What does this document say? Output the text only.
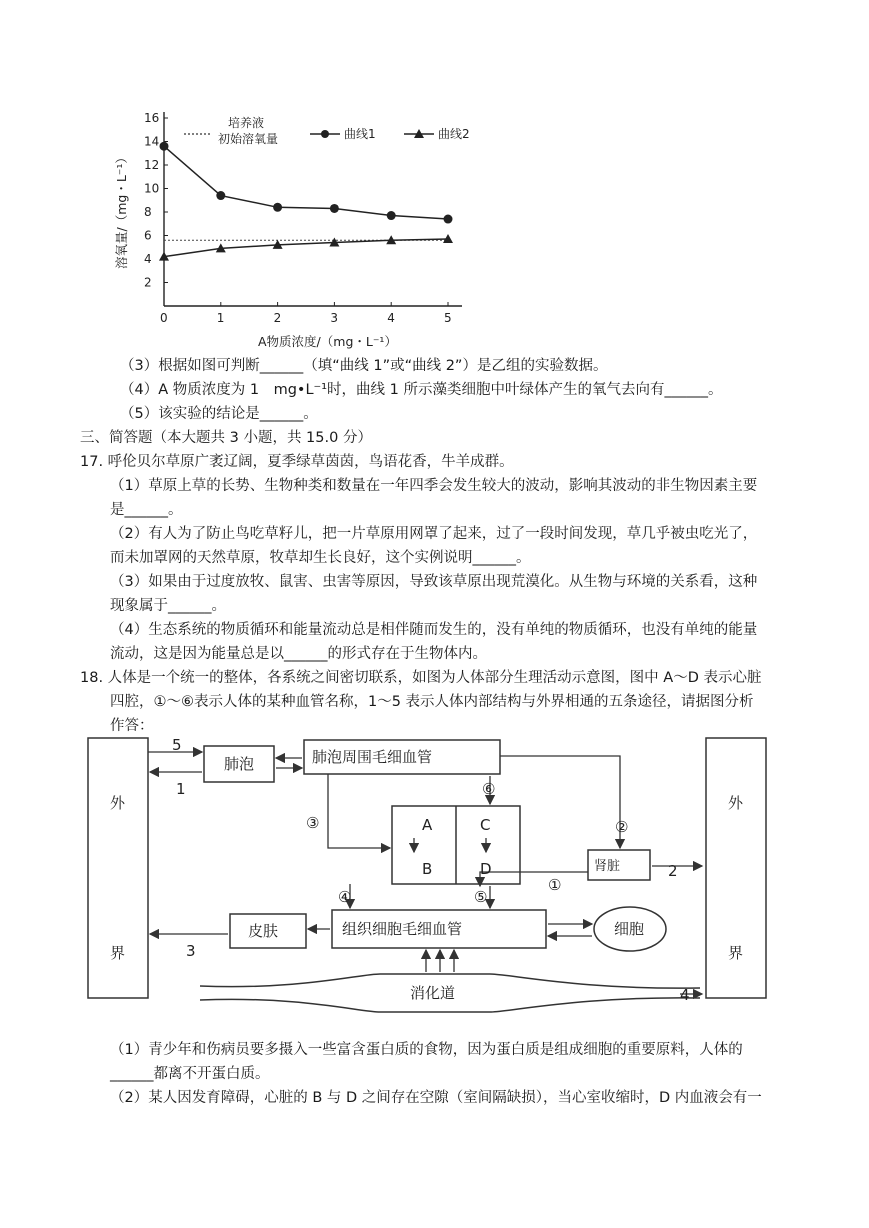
0	1	2	3	4	5
2
4
6
8
10
12
14
16	培养液
初始溶氧量	曲线1	曲线2
A物质浓度/（mg・L⁻¹）
溶氧量/（mg・L⁻¹）
（3）根据如图可判断______（填“曲线 1”或“曲线 2”）是乙组的实验数据。
（4）A 物质浓度为 1　mg•L⁻¹时，曲线 1 所示藻类细胞中叶绿体产生的氧气去向有______。
（5）该实验的结论是______。
三、简答题（本大题共 3 小题，共 15.0 分）
17. 呼伦贝尔草原广袤辽阔，夏季绿草茵茵，鸟语花香，牛羊成群。
（1）草原上草的长势、生物种类和数量在一年四季会发生较大的波动，影响其波动的非生物因素主要
是______。
（2）有人为了防止鸟吃草籽儿，把一片草原用网罩了起来，过了一段时间发现，草几乎被虫吃光了，
而未加罩网的天然草原，牧草却生长良好，这个实例说明______。
（3）如果由于过度放牧、鼠害、虫害等原因，导致该草原出现荒漠化。从生物与环境的关系看，这种
现象属于______。
（4）生态系统的物质循环和能量流动总是相伴随而发生的，没有单纯的物质循环，也没有单纯的能量
流动，这是因为能量总是以______的形式存在于生物体内。
18. 人体是一个统一的整体，各系统之间密切联系，如图为人体部分生理活动示意图，图中 A～D 表示心脏
四腔，①～⑥表示人体的某种血管名称，1～5 表示人体内部结构与外界相通的五条途径，请据图分析
作答：
外
界
外
界
肺泡	肺泡周围毛细血管
肾脏
皮肤	组织细胞毛细血管	细胞
消化道
A
B
C
D
①
②
③
④	⑤
⑥
1
2
3
4
5
（1）青少年和伤病员要多摄入一些富含蛋白质的食物，因为蛋白质是组成细胞的重要原料，人体的
______都离不开蛋白质。
（2）某人因发育障碍，心脏的 B 与 D 之间存在空隙（室间隔缺损），当心室收缩时，D 内血液会有一
